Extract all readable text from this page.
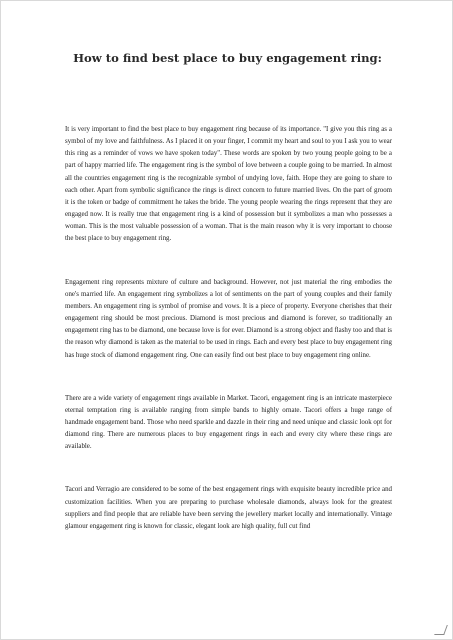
How to find best place to buy engagement ring:

It is very important to find the best place to buy engagement ring because of its importance. "I give you this ring as a symbol of my love and faithfulness. As I placed it on your finger, I commit my heart and soul to you I ask you to wear this ring as a reminder of vows we have spoken today". These words are spoken by two young people going to be a part of happy married life. The engagement ring is the symbol of love between a couple going to be married. In almost all the countries engagement ring is the recognizable symbol of undying love, faith. Hope they are going to share to each other. Apart from symbolic significance the rings is direct concern to future married lives. On the part of groom it is the token or badge of commitment he takes the bride. The young people wearing the rings represent that they are engaged now. It is really true that engagement ring is a kind of possession but it symbolizes a man who possesses a woman. This is the most valuable possession of a woman. That is the main reason why it is very important to choose the best place to buy engagement ring.

Engagement ring represents mixture of culture and background. However, not just material the ring embodies the one's married life. An engagement ring symbolizes a lot of sentiments on the part of young couples and their family members. An engagement ring is symbol of promise and vows. It is a piece of property. Everyone cherishes that their engagement ring should be most precious. Diamond is most precious and diamond is forever, so traditionally an engagement ring has to be diamond, one because love is for ever. Diamond is a strong object and flashy too and that is the reason why diamond is taken as the material to be used in rings. Each and every best place to buy engagement ring has huge stock of diamond engagement ring. One can easily find out best place to buy engagement ring online.

There are a wide variety of engagement rings available in Market. Tacori, engagement ring is an intricate masterpiece eternal temptation ring is available ranging from simple bands to highly ornate. Tacori offers a huge range of handmade engagement band. Those who need sparkle and dazzle in their ring and need unique and classic look opt for diamond ring. There are numerous places to buy engagement rings in each and every city where these rings are available.

Tacori and Verragio are considered to be some of the best engagement rings with exquisite beauty incredible price and customization facilities. When you are preparing to purchase wholesale diamonds, always look for the greatest suppliers and find people that are reliable have been serving the jewellery market locally and internationally. Vintage glamour engagement ring is known for classic, elegant look are high quality, full cut find
